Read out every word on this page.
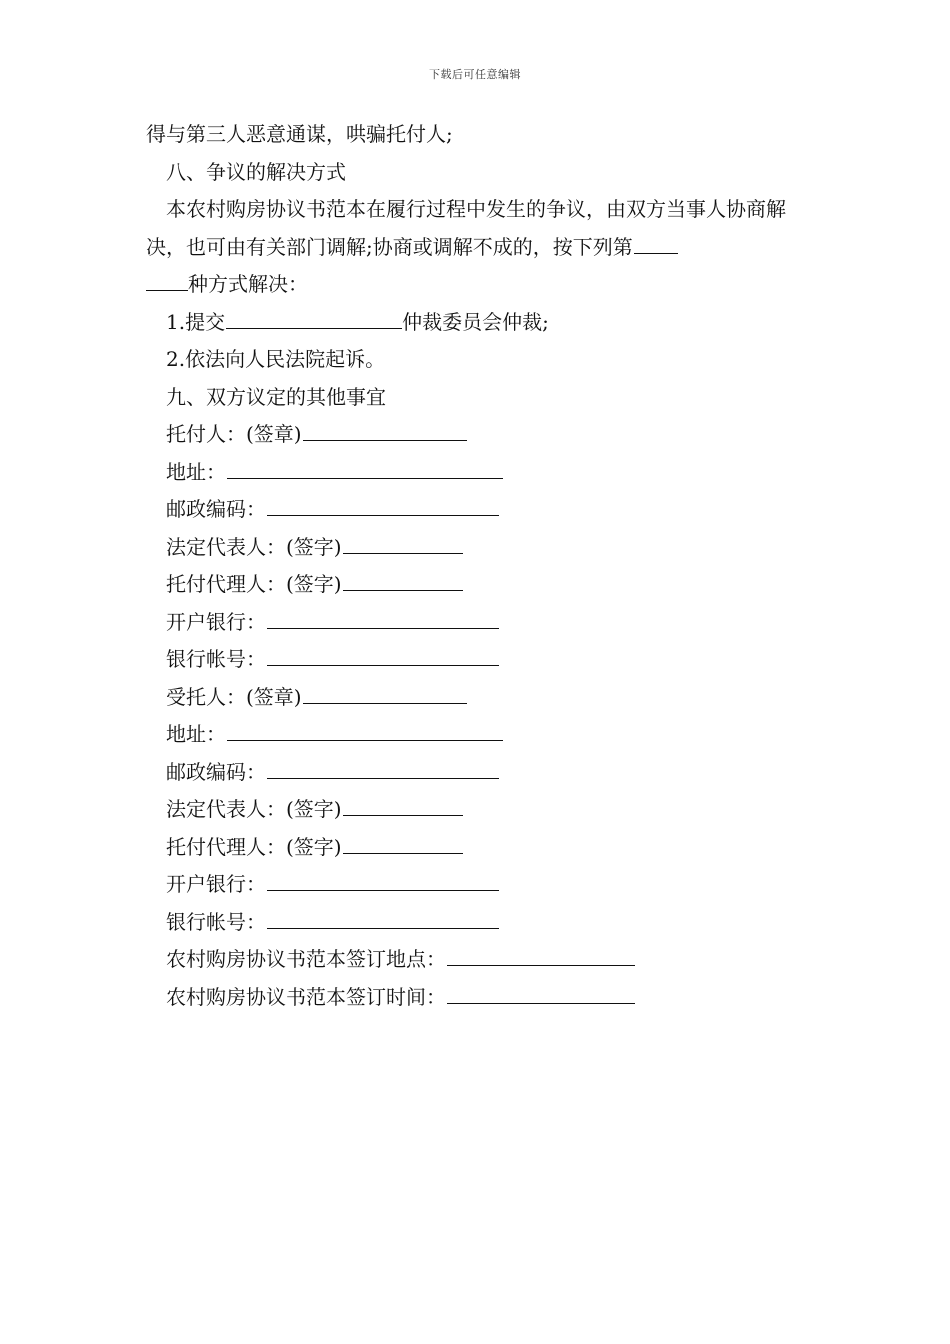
下载后可任意编辑
得与第三人恶意通谋，哄骗托付人;
八、争议的解决方式
本农村购房协议书范本在履行过程中发生的争议，由双方当事人协商解决，也可由有关部门调解;协商或调解不成的，按下列第
种方式解决：
1.提交	仲裁委员会仲裁;
2.依法向人民法院起诉。
九、双方议定的其他事宜
托付人：(签章)
地址：
邮政编码：
法定代表人：(签字)
托付代理人：(签字)
开户银行：
银行帐号：
受托人：(签章)
地址：
邮政编码：
法定代表人：(签字)
托付代理人：(签字)
开户银行：
银行帐号：
农村购房协议书范本签订地点：
农村购房协议书范本签订时间：
